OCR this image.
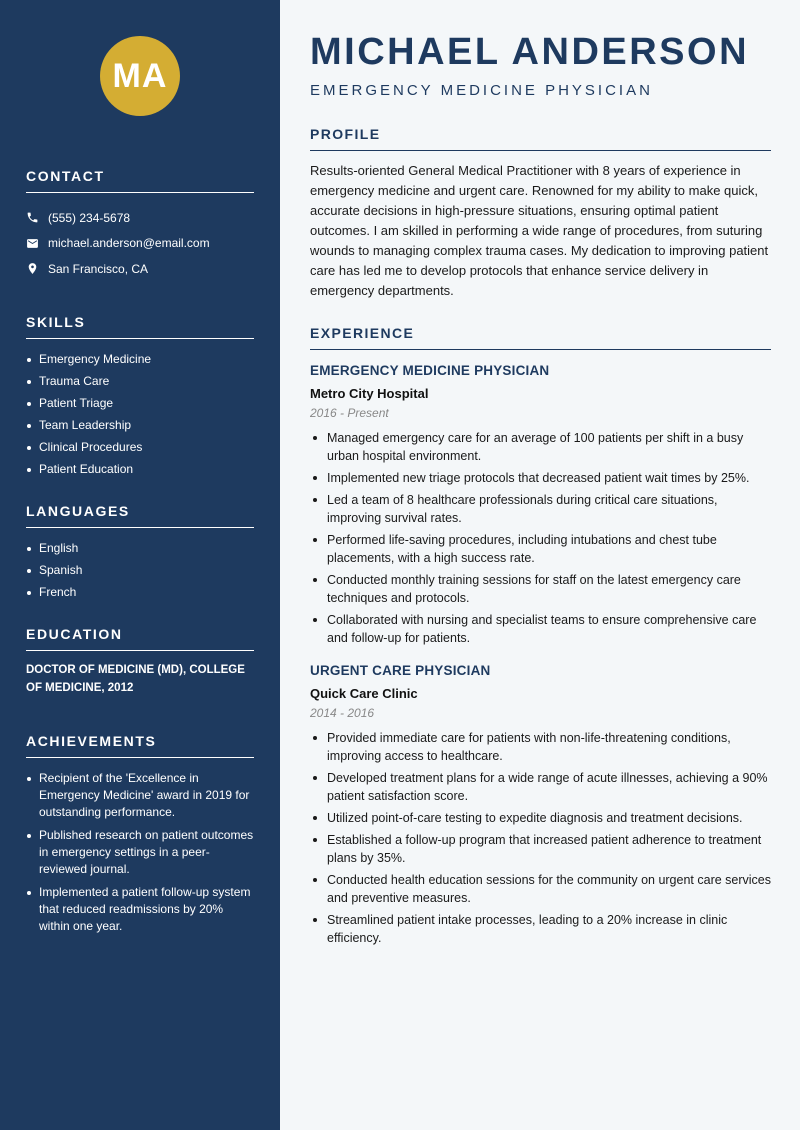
MA
CONTACT
(555) 234-5678
michael.anderson@email.com
San Francisco, CA
SKILLS
Emergency Medicine
Trauma Care
Patient Triage
Team Leadership
Clinical Procedures
Patient Education
LANGUAGES
English
Spanish
French
EDUCATION
DOCTOR OF MEDICINE (MD), COLLEGE OF MEDICINE, 2012
ACHIEVEMENTS
Recipient of the 'Excellence in Emergency Medicine' award in 2019 for outstanding performance.
Published research on patient outcomes in emergency settings in a peer-reviewed journal.
Implemented a patient follow-up system that reduced readmissions by 20% within one year.
MICHAEL ANDERSON
EMERGENCY MEDICINE PHYSICIAN
PROFILE

Results-oriented General Medical Practitioner with 8 years of experience in emergency medicine and urgent care. Renowned for my ability to make quick, accurate decisions in high-pressure situations, ensuring optimal patient outcomes. I am skilled in performing a wide range of procedures, from suturing wounds to managing complex trauma cases. My dedication to improving patient care has led me to develop protocols that enhance service delivery in emergency departments.

EXPERIENCE
EMERGENCY MEDICINE PHYSICIAN
Metro City Hospital
2016 - Present
Managed emergency care for an average of 100 patients per shift in a busy urban hospital environment.
Implemented new triage protocols that decreased patient wait times by 25%.
Led a team of 8 healthcare professionals during critical care situations, improving survival rates.
Performed life-saving procedures, including intubations and chest tube placements, with a high success rate.
Conducted monthly training sessions for staff on the latest emergency care techniques and protocols.
Collaborated with nursing and specialist teams to ensure comprehensive care and follow-up for patients.
URGENT CARE PHYSICIAN
Quick Care Clinic
2014 - 2016
Provided immediate care for patients with non-life-threatening conditions, improving access to healthcare.
Developed treatment plans for a wide range of acute illnesses, achieving a 90% patient satisfaction score.
Utilized point-of-care testing to expedite diagnosis and treatment decisions.
Established a follow-up program that increased patient adherence to treatment plans by 35%.
Conducted health education sessions for the community on urgent care services and preventive measures.
Streamlined patient intake processes, leading to a 20% increase in clinic efficiency.
